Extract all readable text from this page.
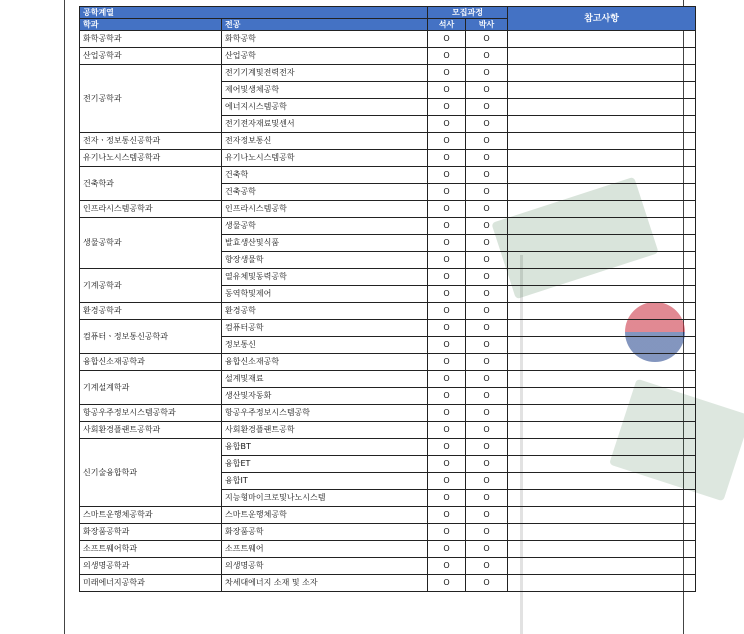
공학계열		모집과정		참고사항
학과	전공	석사	박사	
화학공학과	화학공학	O	O	
산업공학과	산업공학	O	O	
전기공학과	전기기계및전력전자	O	O	
	제어및생체공학	O	O	
	에너지시스템공학	O	O	
	전기전자재료및센서	O	O	
전자ㆍ정보통신공학과	전자정보통신	O	O	
유기나노시스템공학과	유기나노시스템공학	O	O	
건축학과	건축학	O	O	
	건축공학	O	O	
인프라시스템공학과	인프라시스템공학	O	O	
생물공학과	생물공학	O	O	
	발효생산및식품	O	O	
	향장생물학	O	O	
기계공학과	열유체및동력공학	O	O	
	동역학및제어	O	O	
환경공학과	환경공학	O	O	
컴퓨터ㆍ정보통신공학과	컴퓨터공학	O	O	
	정보통신	O	O	
융합신소재공학과	융합신소재공학	O	O	
기계설계학과	설계및재료	O	O	
	생산및자동화	O	O	
항공우주정보시스템공학과	항공우주정보시스템공학	O	O	
사회환경플랜트공학과	사회환경플랜트공학	O	O	
신기술융합학과	융합BT	O	O	
	융합ET	O	O	
	융합IT	O	O	
	지능형마이크로및나노시스템	O	O	
스마트운행체공학과	스마트운행체공학	O	O	
화장품공학과	화장품공학	O	O	
소프트웨어학과	소프트웨어	O	O	
의생명공학과	의생명공학	O	O	
미래에너지공학과	차세대에너지 소재 및 소자	O	O	
